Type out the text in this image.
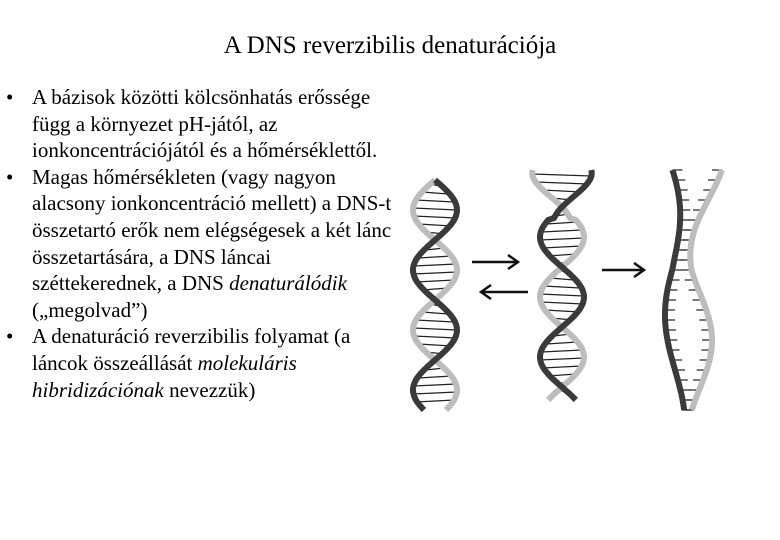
A DNS reverzibilis denaturációja
• A bázisok közötti kölcsönhatás erőssége függ a környezet pH-jától, az ionkoncentrációjától és a hőmérséklettől.
• Magas hőmérsékleten (vagy nagyon alacsony ionkoncentráció mellett) a DNS-t összetartó erők nem elégségesek a két lánc összetartására, a DNS láncai széttekerednek, a DNS denaturálódik („megolvad”)
• A denaturáció reverzibilis folyamat (a láncok összeállását molekuláris hibridizációnak nevezzük)
